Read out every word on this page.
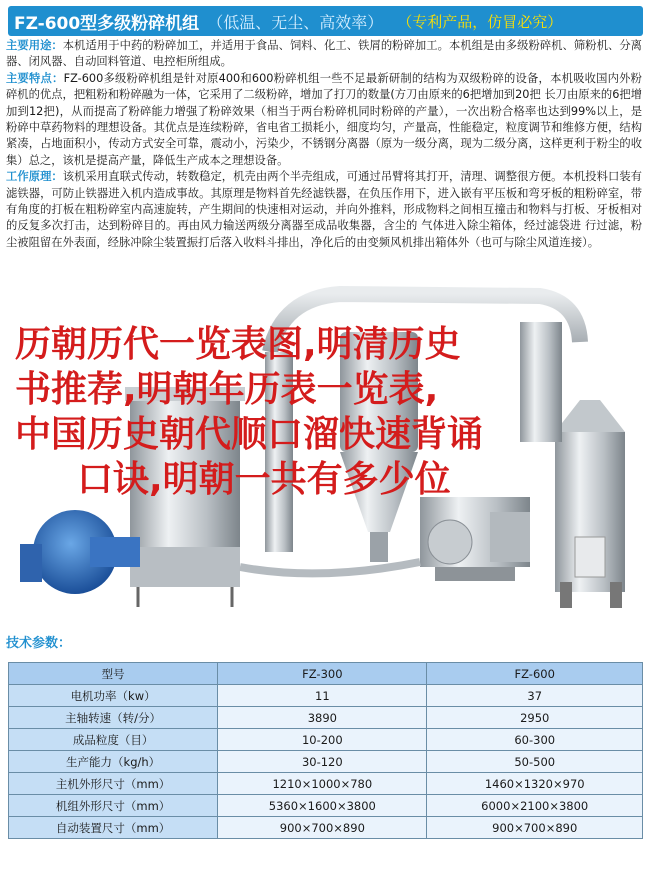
FZ-600型多级粉碎机组 （低温、无尘、高效率） （专利产品，仿冒必究）

主要用途：本机适用于中药的粉碎加工，并适用于食品、饲料、化工、铁屑的粉碎加工。本机组是由多级粉碎机、筛粉机、分离器、闭风器、自动回料管道、电控柜所组成。

主要特点：FZ-600多级粉碎机组是针对原400和600粉碎机组一些不足最新研制的结构为双级粉碎的设备，本机吸收国内外粉碎机的优点，把粗粉和粉碎融为一体，它采用了二级粉碎，增加了打刀的数量(方刀由原来的6把增加到20把 长刀由原来的6把增加到12把)，从而提高了粉碎能力增强了粉碎效果（相当于两台粉碎机同时粉碎的产量），一次出粉合格率也达到99%以上，是粉碎中草药物料的理想设备。其优点是连续粉碎，省电省工损耗小，细度均匀，产量高，性能稳定，粒度调节和维修方便，结构紧凑，占地面积小，传动方式安全可靠，震动小，污染少，不锈钢分离器（原为一级分离，现为二级分离，这样更利于粉尘的收集）总之，该机是提高产量，降低生产成本之理想设备。

工作原理：该机采用直联式传动，转数稳定，机壳由两个半壳组成，可通过吊臂将其打开，清理、调整很方便。本机投料口装有滤铁器，可防止铁器进入机内造成事故。其原理是物料首先经滤铁器，在负压作用下，进入嵌有平压板和弯牙板的粗粉碎室，带有角度的打板在粗粉碎室内高速旋转，产生期间的快速相对运动，并向外推料，形成物料之间相互撞击和物料与打板、牙板相对的反复多次打击，达到粉碎目的。再由风力输送两级分离器至成品收集器，含尘的 气体进入除尘箱体，经过滤袋进 行过滤，粉尘被阻留在外表面，经脉冲除尘装置振打后落入收料斗排出，净化后的由变频风机排出箱体外（也可与除尘风道连接）。

历朝历代一览表图,明清历史
书推荐,明朝年历表一览表,
中国历史朝代顺口溜快速背诵
口诀,明朝一共有多少位
技术参数：
型号	FZ-300	FZ-600
电机功率（kw）	11	37
主轴转速（转/分）	3890	2950
成品粒度（目）	10-200	60-300
生产能力（kg/h）	30-120	50-500
主机外形尺寸（mm）	1210×1000×780	1460×1320×970
机组外形尺寸（mm）	5360×1600×3800	6000×2100×3800
自动装置尺寸（mm）	900×700×890	900×700×890
